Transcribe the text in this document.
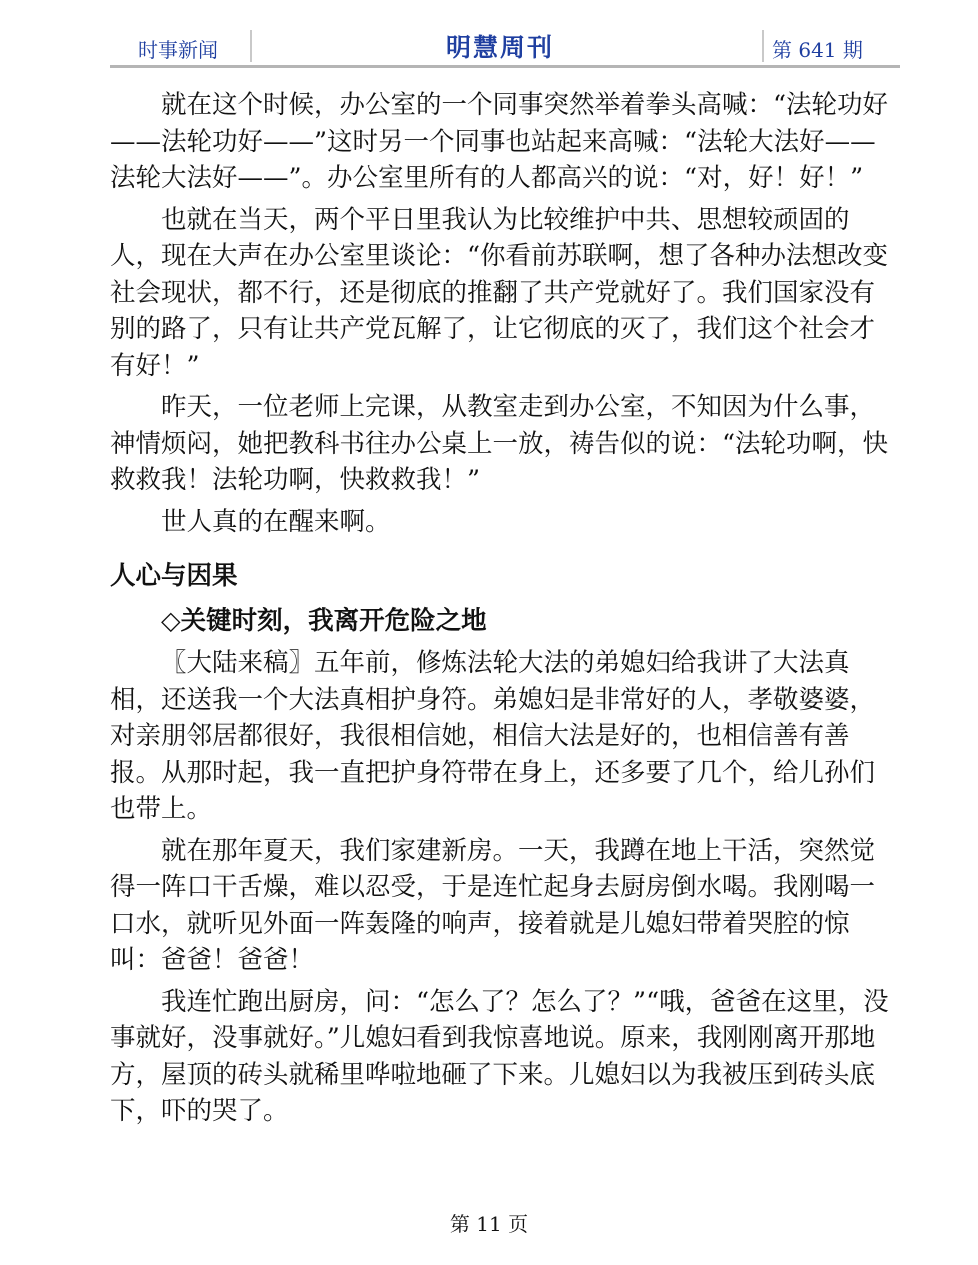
时事新闻	明慧周刊	第 641 期

就在这个时候，办公室的一个同事突然举着拳头高喊：“法轮功好——法轮功好——”这时另一个同事也站起来高喊：“法轮大法好——法轮大法好——”。办公室里所有的人都高兴的说：“对，好！好！”

也就在当天，两个平日里我认为比较维护中共、思想较顽固的人，现在大声在办公室里谈论：“你看前苏联啊，想了各种办法想改变社会现状，都不行，还是彻底的推翻了共产党就好了。我们国家没有别的路了，只有让共产党瓦解了，让它彻底的灭了，我们这个社会才有好！”

昨天，一位老师上完课，从教室走到办公室，不知因为什么事，神情烦闷，她把教科书往办公桌上一放，祷告似的说：“法轮功啊，快救救我！法轮功啊，快救救我！”

世人真的在醒来啊。

人心与因果

◇关键时刻，我离开危险之地

〖大陆来稿〗五年前，修炼法轮大法的弟媳妇给我讲了大法真相，还送我一个大法真相护身符。弟媳妇是非常好的人，孝敬婆婆，对亲朋邻居都很好，我很相信她，相信大法是好的，也相信善有善报。从那时起，我一直把护身符带在身上，还多要了几个，给儿孙们也带上。

就在那年夏天，我们家建新房。一天，我蹲在地上干活，突然觉得一阵口干舌燥，难以忍受，于是连忙起身去厨房倒水喝。我刚喝一口水，就听见外面一阵轰隆的响声，接着就是儿媳妇带着哭腔的惊叫：爸爸！爸爸！

我连忙跑出厨房，问：“怎么了？怎么了？”“哦，爸爸在这里，没事就好，没事就好。”儿媳妇看到我惊喜地说。原来，我刚刚离开那地方，屋顶的砖头就稀里哗啦地砸了下来。儿媳妇以为我被压到砖头底下，吓的哭了。

第 11 页
